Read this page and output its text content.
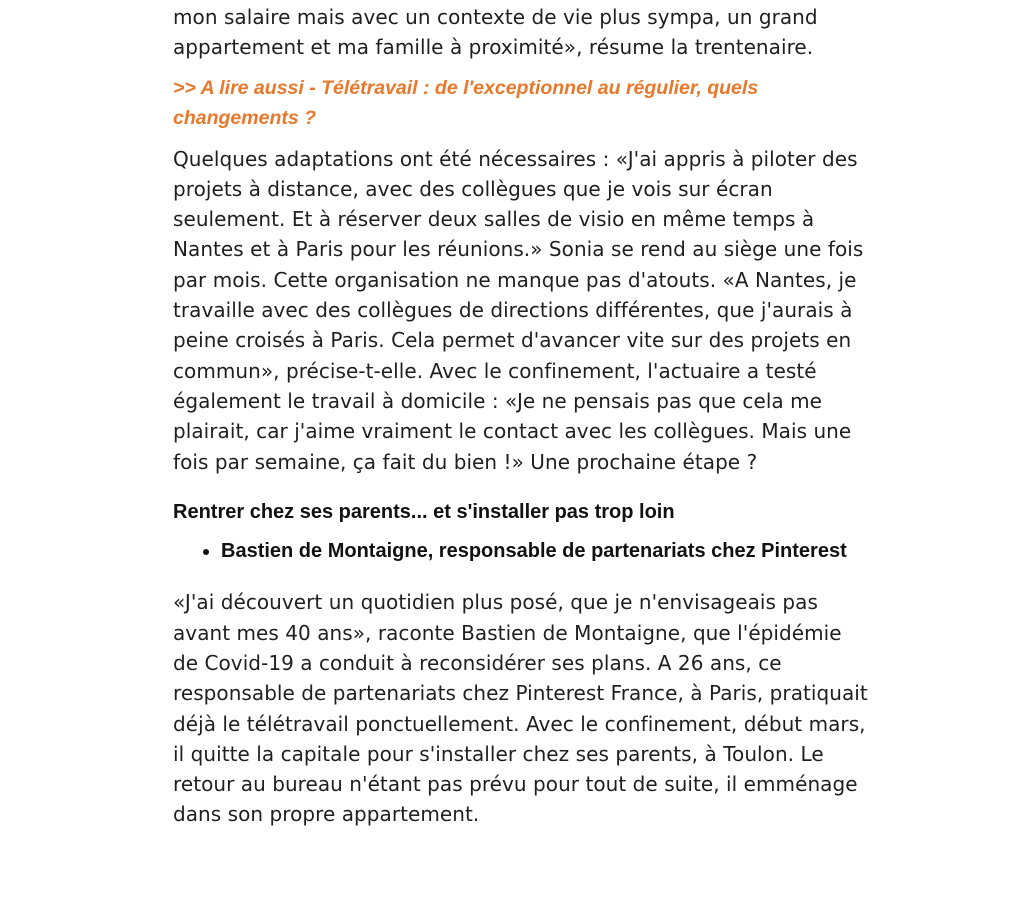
mon salaire mais avec un contexte de vie plus sympa, un grand appartement et ma famille à proximité», résume la trentenaire.

>> A lire aussi - Télétravail : de l'exceptionnel au régulier, quels changements ?

Quelques adaptations ont été nécessaires : «J'ai appris à piloter des projets à distance, avec des collègues que je vois sur écran seulement. Et à réserver deux salles de visio en même temps à Nantes et à Paris pour les réunions.» Sonia se rend au siège une fois par mois. Cette organisation ne manque pas d'atouts. «A Nantes, je travaille avec des collègues de directions différentes, que j'aurais à peine croisés à Paris. Cela permet d'avancer vite sur des projets en commun», précise-t-elle. Avec le confinement, l'actuaire a testé également le travail à domicile : «Je ne pensais pas que cela me plairait, car j'aime vraiment le contact avec les collègues. Mais une fois par semaine, ça fait du bien !» Une prochaine étape ?

Rentrer chez ses parents... et s'installer pas trop loin
• Bastien de Montaigne, responsable de partenariats chez Pinterest

«J'ai découvert un quotidien plus posé, que je n'envisageais pas avant mes 40 ans», raconte Bastien de Montaigne, que l'épidémie de Covid-19 a conduit à reconsidérer ses plans. A 26 ans, ce responsable de partenariats chez Pinterest France, à Paris, pratiquait déjà le télétravail ponctuellement. Avec le confinement, début mars, il quitte la capitale pour s'installer chez ses parents, à Toulon. Le retour au bureau n'étant pas prévu pour tout de suite, il emménage dans son propre appartement.
